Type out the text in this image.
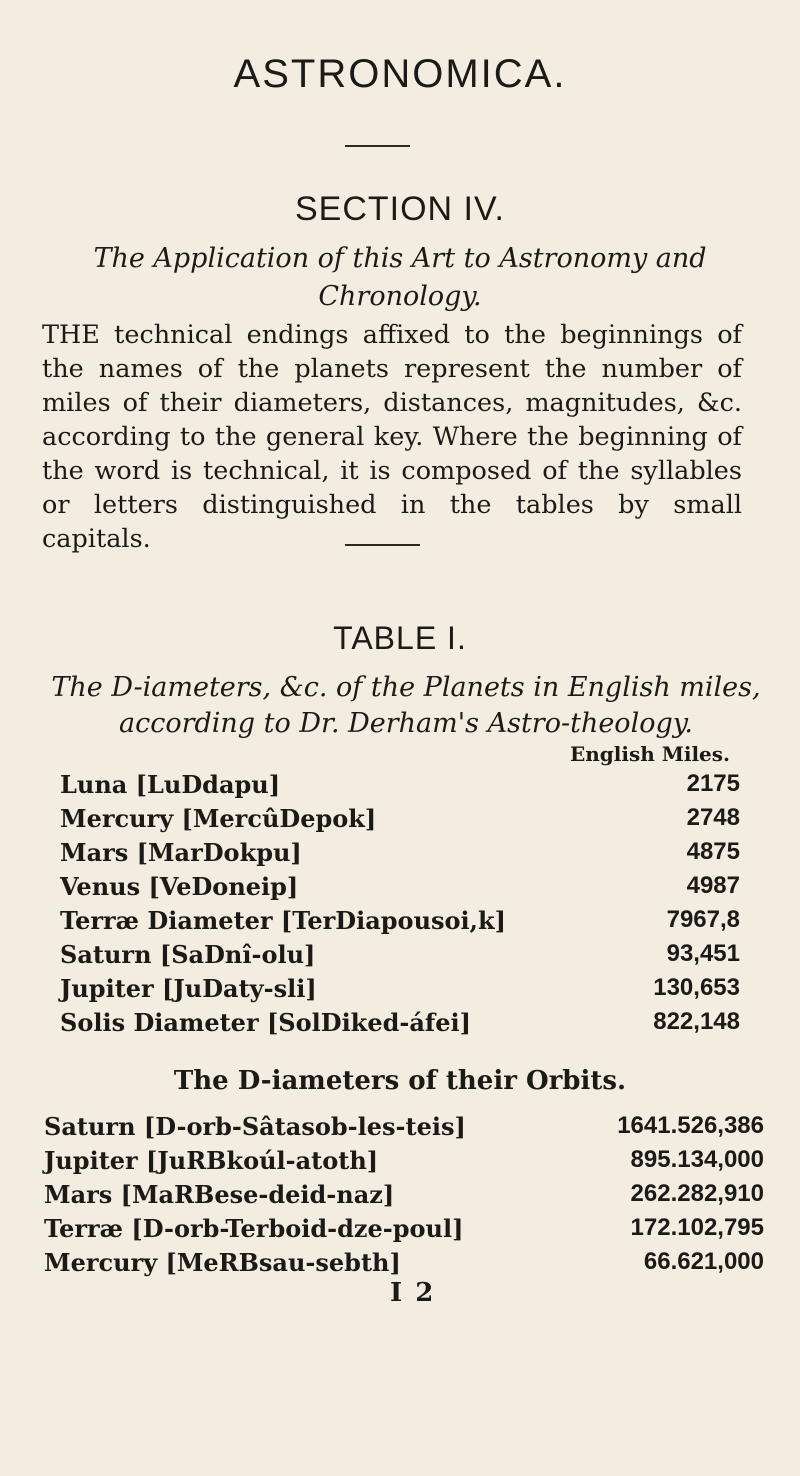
ASTRONOMICA.
SECTION IV.
The Application of this Art to Astronomy and Chronology.
THE technical endings affixed to the beginnings of the names of the planets represent the number of miles of their diameters, distances, magnitudes, &c. according to the general key. Where the beginning of the word is technical, it is composed of the syllables or letters distinguished in the tables by small capitals.
TABLE I.
The D-iameters, &c. of the Planets in English miles, according to Dr. Derham's Astro-theology.
English Miles.
Luna [LuDdapu]	2175
Mercury [MercûDepok]	2748
Mars [MarDokpu]	4875
Venus [VeDoneip]	4987
Terræ Diameter [TerDiapousoi,k]	7967,8
Saturn [SaDnî-olu]	93,451
Jupiter [JuDaty-sli]	130,653
Solis Diameter [SolDiked-áfei]	822,148
The D-iameters of their Orbits.
Saturn [D-orb-Sâtasob-les-teis]	1641.526,386
Jupiter [JuRBkoúl-atoth]	895.134,000
Mars [MaRBese-deid-naz]	262.282,910
Terræ [D-orb-Terboid-dze-poul]	172.102,795
Mercury [MeRBsau-sebth]	66.621,000
I 2
